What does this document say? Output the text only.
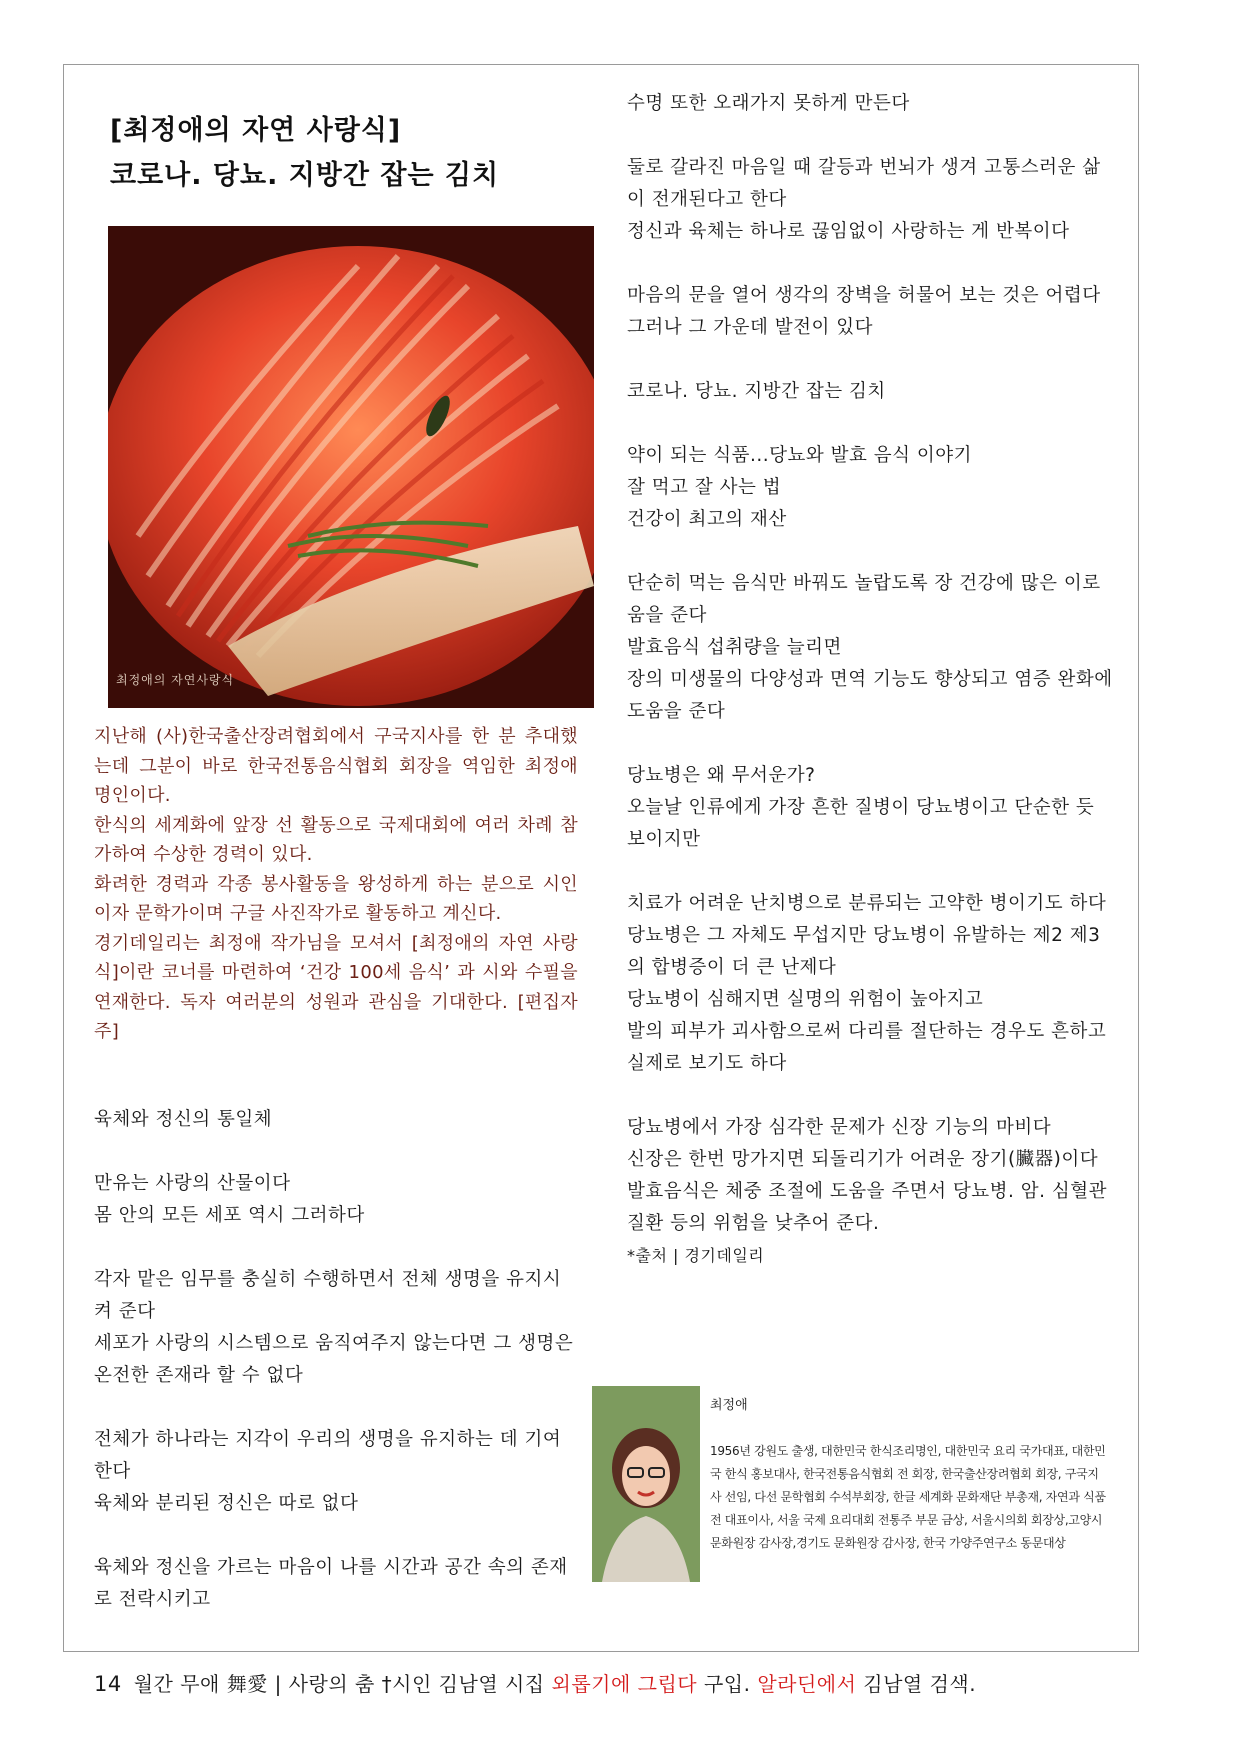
[최정애의 자연 사랑식]
코로나. 당뇨. 지방간 잡는 김치
최정애의 자연사랑식

지난해 (사)한국출산장려협회에서 구국지사를 한 분 추대했는데 그분이 바로 한국전통음식협회 회장을 역임한 최정애 명인이다.

한식의 세계화에 앞장 선 활동으로 국제대회에 여러 차례 참가하여 수상한 경력이 있다.

화려한 경력과 각종 봉사활동을 왕성하게 하는 분으로 시인이자 문학가이며 구글 사진작가로 활동하고 계신다.

경기데일리는 최정애 작가님을 모셔서 [최정애의 자연 사랑식]이란 코너를 마련하여 ‘건강 100세 음식’ 과 시와 수필을 연재한다. 독자 여러분의 성원과 관심을 기대한다. [편집자 주]

육체와 정신의 통일체

만유는 사랑의 산물이다

몸 안의 모든 세포 역시 그러하다

각자 맡은 임무를 충실히 수행하면서 전체 생명을 유지시켜 준다

세포가 사랑의 시스템으로 움직여주지 않는다면 그 생명은 온전한 존재라 할 수 없다

전체가 하나라는 지각이 우리의 생명을 유지하는 데 기여한다

육체와 분리된 정신은 따로 없다

육체와 정신을 가르는 마음이 나를 시간과 공간 속의 존재로 전락시키고

수명 또한 오래가지 못하게 만든다

둘로 갈라진 마음일 때 갈등과 번뇌가 생겨 고통스러운 삶이 전개된다고 한다

정신과 육체는 하나로 끊임없이 사랑하는 게 반복이다

마음의 문을 열어 생각의 장벽을 허물어 보는 것은 어렵다

그러나 그 가운데 발전이 있다

코로나. 당뇨. 지방간 잡는 김치

약이 되는 식품...당뇨와 발효 음식 이야기

잘 먹고 잘 사는 법

건강이 최고의 재산

단순히 먹는 음식만 바꿔도 놀랍도록 장 건강에 많은 이로움을 준다

발효음식 섭취량을 늘리면

장의 미생물의 다양성과 면역 기능도 향상되고 염증 완화에 도움을 준다

당뇨병은 왜 무서운가?

오늘날 인류에게 가장 흔한 질병이 당뇨병이고 단순한 듯 보이지만

치료가 어려운 난치병으로 분류되는 고약한 병이기도 하다

당뇨병은 그 자체도 무섭지만 당뇨병이 유발하는 제2 제3의 합병증이 더 큰 난제다

당뇨병이 심해지면 실명의 위험이 높아지고

발의 피부가 괴사함으로써 다리를 절단하는 경우도 흔하고 실제로 보기도 하다

당뇨병에서 가장 심각한 문제가 신장 기능의 마비다

신장은 한번 망가지면 되돌리기가 어려운 장기(臟器)이다

발효음식은 체중 조절에 도움을 주면서 당뇨병. 암. 심혈관질환 등의 위험을 낮추어 준다.

*출처 | 경기데일리

최정애
1956년 강원도 출생, 대한민국 한식조리명인, 대한민국 요리 국가대표, 대한민국 한식 홍보대사, 한국전통음식협회 전 회장, 한국출산장려협회 회장, 구국지사 선임, 다선 문학협회 수석부회장, 한글 세계화 문화재단 부총재, 자연과 식품 전 대표이사, 서울 국제 요리대회 전통주 부문 금상, 서울시의회 회장상,고양시 문화원장 감사장,경기도 문화원장 감사장, 한국 가양주연구소 동문대상
14 월간 무애 舞愛 | 사랑의 춤 †시인 김남열 시집 외롭기에 그립다 구입. 알라딘에서 김남열 검색.
